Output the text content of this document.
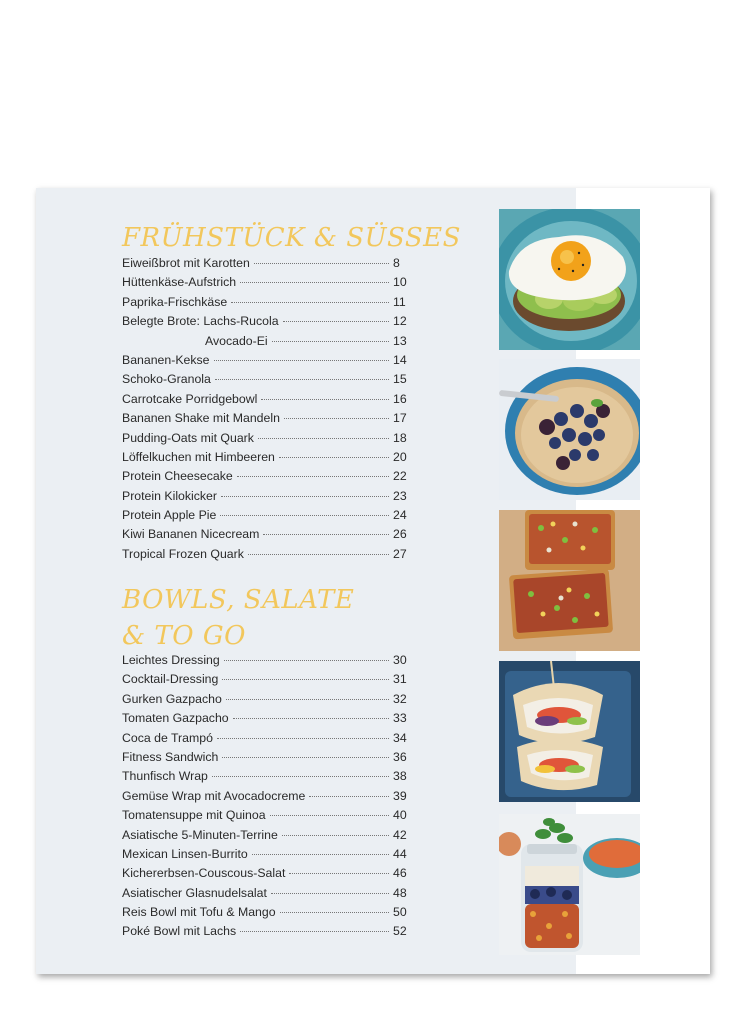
FRÜHSTÜCK & SÜSSES
Eiweißbrot mit Karotten	8
Hüttenkäse-Aufstrich	10
Paprika-Frischkäse	11
Belegte Brote: Lachs-Rucola	12
Avocado-Ei	13
Bananen-Kekse	14
Schoko-Granola	15
Carrotcake Porridgebowl	16
Bananen Shake mit Mandeln	17
Pudding-Oats mit Quark	18
Löffelkuchen mit Himbeeren	20
Protein Cheesecake	22
Protein Kilokicker	23
Protein Apple Pie	24
Kiwi Bananen Nicecream	26
Tropical Frozen Quark	27
BOWLS, SALATE
& TO GO
Leichtes Dressing	30
Cocktail-Dressing	31
Gurken Gazpacho	32
Tomaten Gazpacho	33
Coca de Trampó	34
Fitness Sandwich	36
Thunfisch Wrap	38
Gemüse Wrap mit Avocadocreme	39
Tomatensuppe mit Quinoa	40
Asiatische 5-Minuten-Terrine	42
Mexican Linsen-Burrito	44
Kichererbsen-Couscous-Salat	46
Asiatischer Glasnudelsalat	48
Reis Bowl mit Tofu & Mango	50
Poké Bowl mit Lachs	52
